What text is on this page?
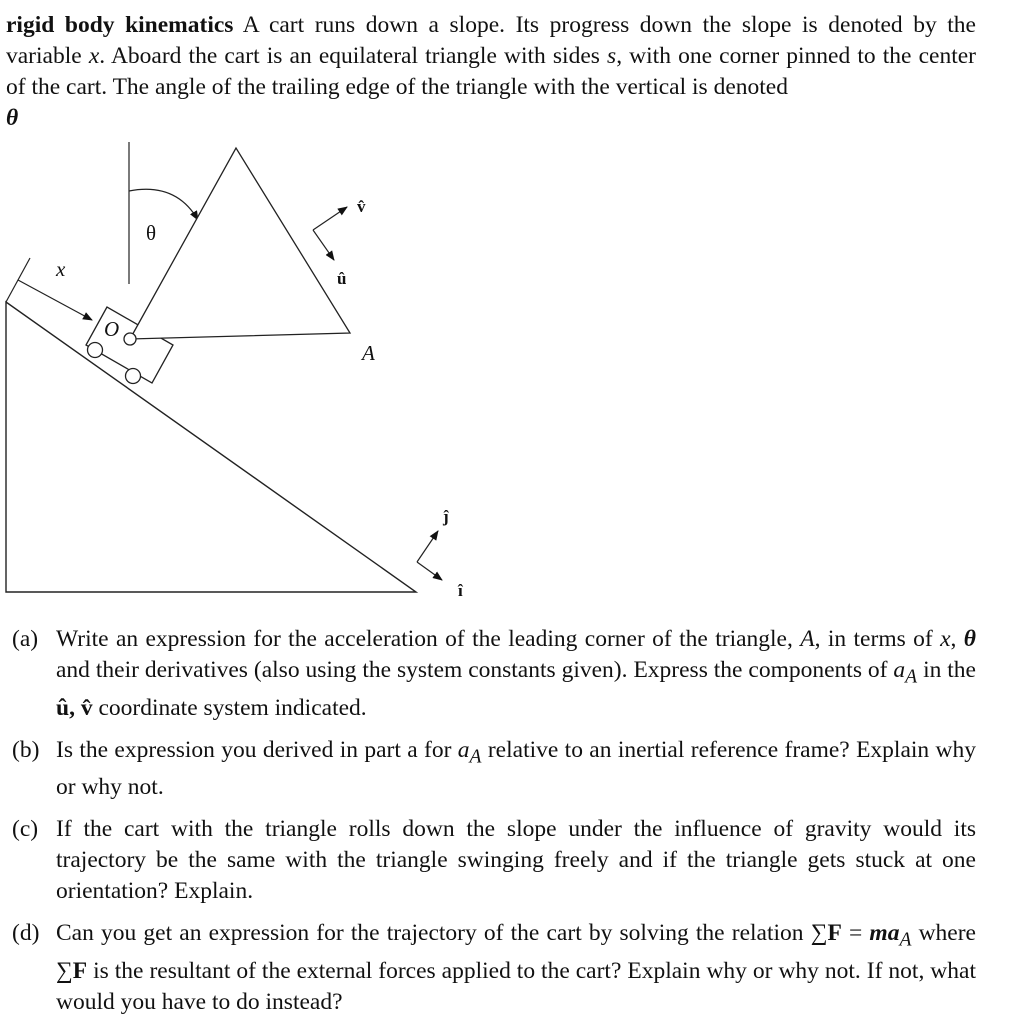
rigid body kinematics A cart runs down a slope. Its progress down the slope is denoted by the variable x. Aboard the cart is an equilateral triangle with sides s, with one corner pinned to the center of the cart. The angle of the trailing edge of the triangle with the vertical is denoted
θ
x
θ
O
A
û
v̂
î
ĵ
(a) Write an expression for the acceleration of the leading corner of the triangle, A, in terms of x, θ and their derivatives (also using the system constants given). Express the components of $a_A$ in the û, v̂ coordinate system indicated.
(b) Is the expression you derived in part a for $a_A$ relative to an inertial reference frame? Explain why or why not.
(c) If the cart with the triangle rolls down the slope under the influence of gravity would its trajectory be the same with the triangle swinging freely and if the triangle gets stuck at one orientation? Explain.
(d) Can you get an expression for the trajectory of the cart by solving the relation $\sum F = ma_A$ where ∑F is the resultant of the external forces applied to the cart? Explain why or why not. If not, what would you have to do instead?
